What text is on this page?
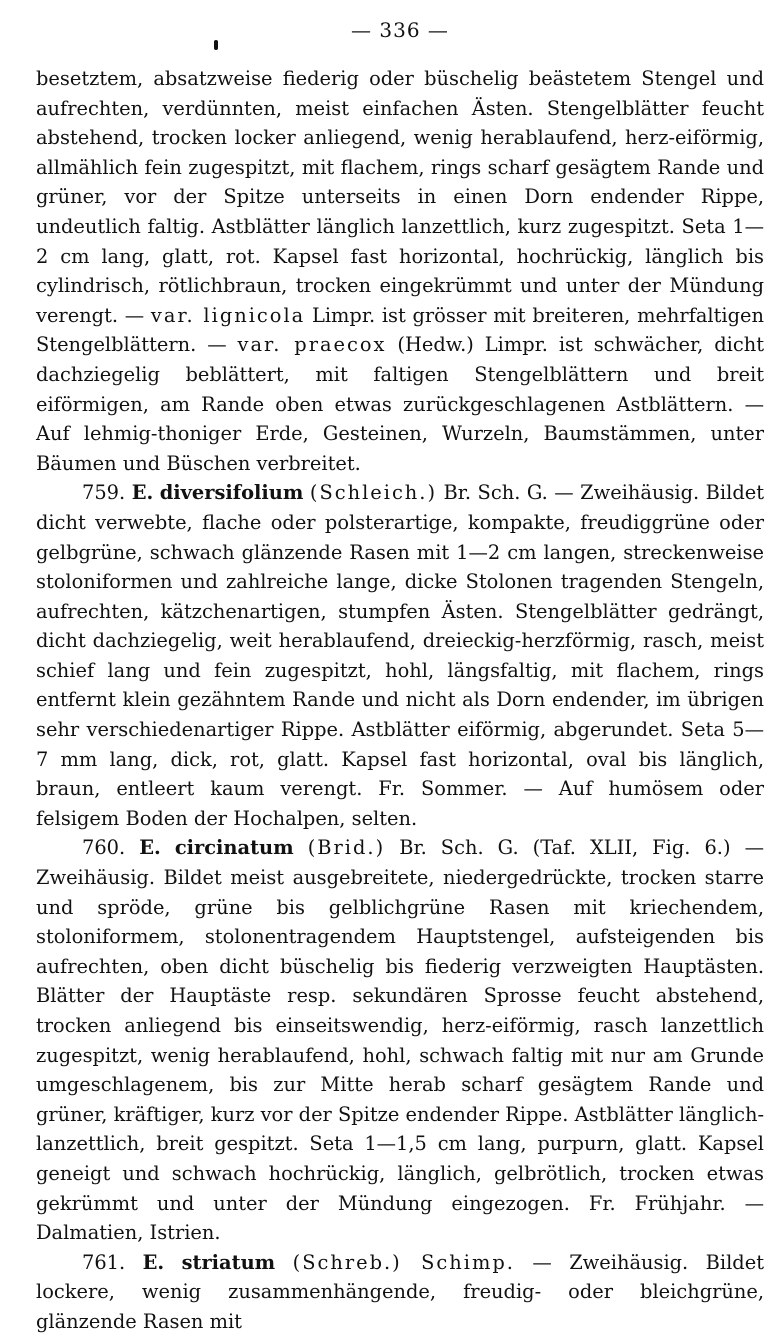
— 336 —

besetztem, absatzweise fiederig oder büschelig beästetem Stengel und aufrechten, verdünnten, meist einfachen Ästen. Stengelblätter feucht abstehend, trocken locker anliegend, wenig herablaufend, herz-eiförmig, allmählich fein zugespitzt, mit flachem, rings scharf gesägtem Rande und grüner, vor der Spitze unterseits in einen Dorn endender Rippe, undeutlich faltig. Astblätter länglich lanzettlich, kurz zugespitzt. Seta 1—2 cm lang, glatt, rot. Kapsel fast horizontal, hochrückig, länglich bis cylindrisch, rötlichbraun, trocken eingekrümmt und unter der Mündung verengt. — var. lignicola Limpr. ist grösser mit breiteren, mehrfaltigen Stengelblättern. — var. praecox (Hedw.) Limpr. ist schwächer, dicht dachziegelig beblättert, mit faltigen Stengelblättern und breit eiförmigen, am Rande oben etwas zurückgeschlagenen Astblättern. — Auf lehmig-thoniger Erde, Gesteinen, Wurzeln, Baumstämmen, unter Bäumen und Büschen verbreitet.

759. E. diversifolium (Schleich.) Br. Sch. G. — Zweihäusig. Bildet dicht verwebte, flache oder polsterartige, kompakte, freudiggrüne oder gelbgrüne, schwach glänzende Rasen mit 1—2 cm langen, streckenweise stoloniformen und zahlreiche lange, dicke Stolonen tragenden Stengeln, aufrechten, kätzchenartigen, stumpfen Ästen. Stengelblätter gedrängt, dicht dachziegelig, weit herablaufend, dreieckig-herzförmig, rasch, meist schief lang und fein zugespitzt, hohl, längsfaltig, mit flachem, rings entfernt klein gezähntem Rande und nicht als Dorn endender, im übrigen sehr verschiedenartiger Rippe. Astblätter eiförmig, abgerundet. Seta 5—7 mm lang, dick, rot, glatt. Kapsel fast horizontal, oval bis länglich, braun, entleert kaum verengt. Fr. Sommer. — Auf humösem oder felsigem Boden der Hochalpen, selten.

760. E. circinatum (Brid.) Br. Sch. G. (Taf. XLII, Fig. 6.) — Zweihäusig. Bildet meist ausgebreitete, niedergedrückte, trocken starre und spröde, grüne bis gelblichgrüne Rasen mit kriechendem, stoloniformem, stolonentragendem Hauptstengel, aufsteigenden bis aufrechten, oben dicht büschelig bis fiederig verzweigten Hauptästen. Blätter der Hauptäste resp. sekundären Sprosse feucht abstehend, trocken anliegend bis einseitswendig, herz-eiförmig, rasch lanzettlich zugespitzt, wenig herablaufend, hohl, schwach faltig mit nur am Grunde umgeschlagenem, bis zur Mitte herab scharf gesägtem Rande und grüner, kräftiger, kurz vor der Spitze endender Rippe. Astblätter länglich-lanzettlich, breit gespitzt. Seta 1—1,5 cm lang, purpurn, glatt. Kapsel geneigt und schwach hochrückig, länglich, gelbrötlich, trocken etwas gekrümmt und unter der Mündung eingezogen. Fr. Frühjahr. — Dalmatien, Istrien.

761. E. striatum (Schreb.) Schimp. — Zweihäusig. Bildet lockere, wenig zusammenhängende, freudig- oder bleichgrüne, glänzende Rasen mit
